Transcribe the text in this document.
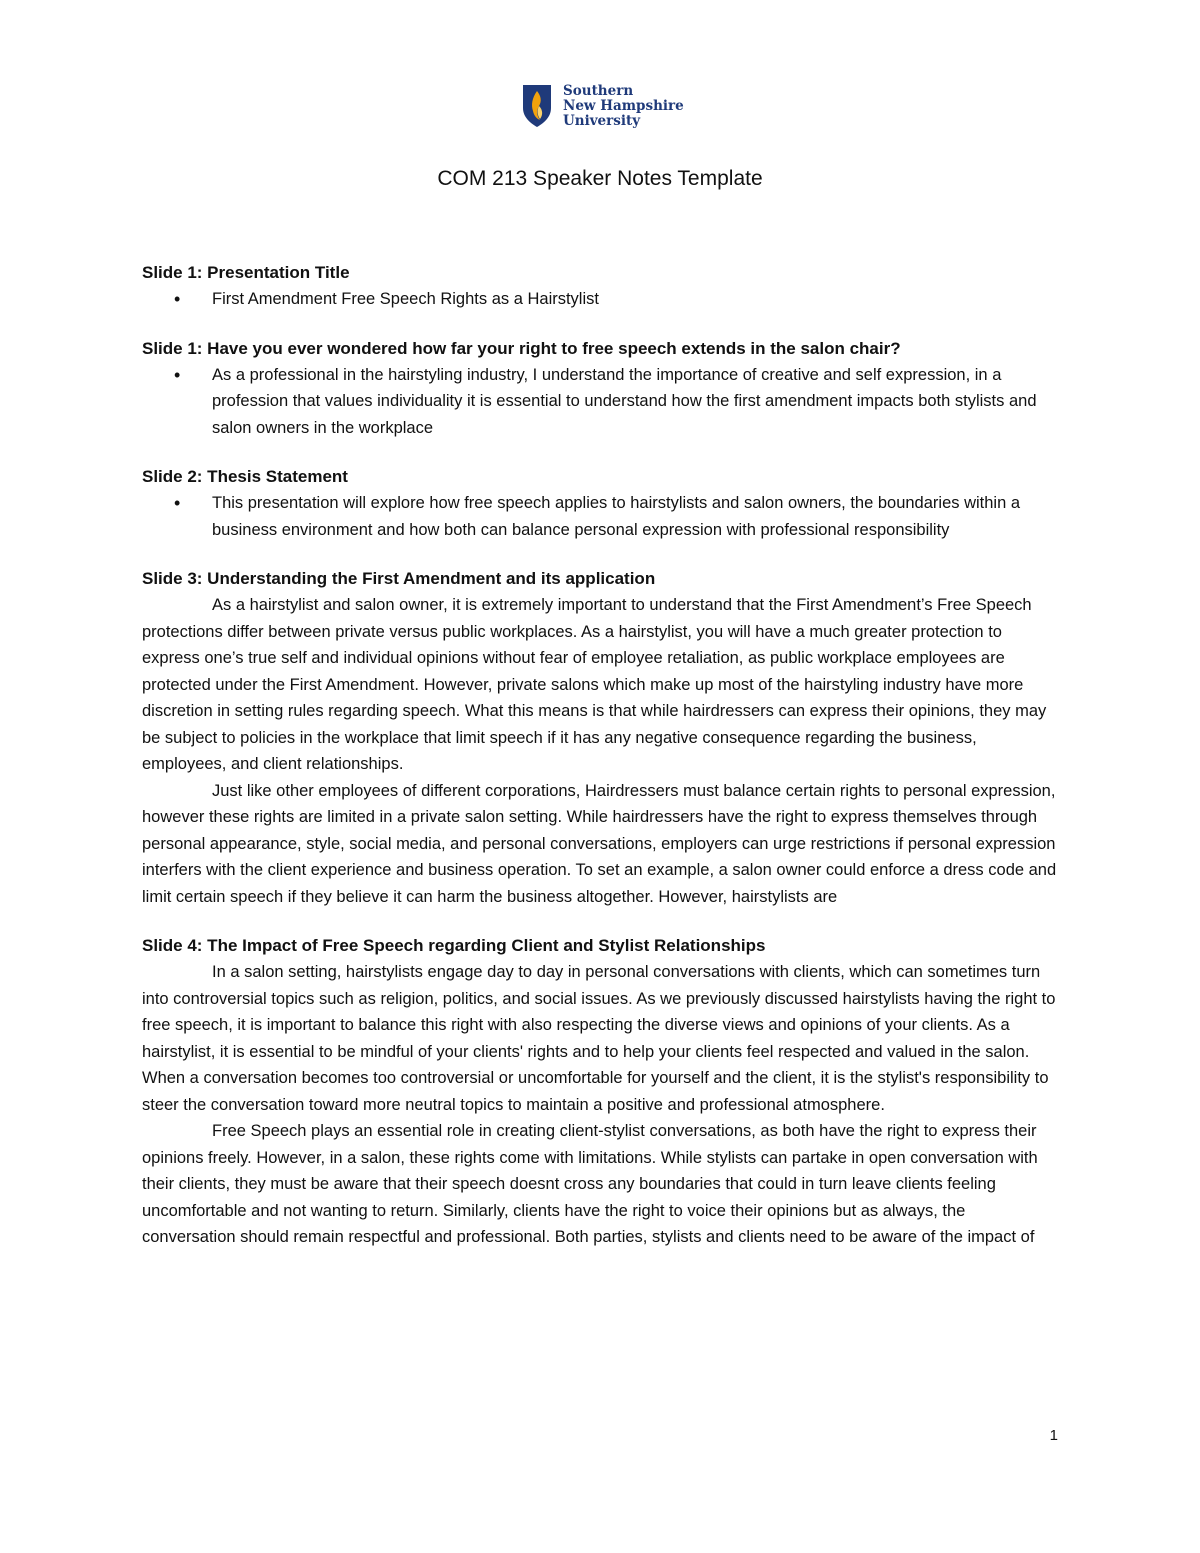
Southern
New Hampshire
University
COM 213 Speaker Notes Template
Slide 1: Presentation Title
• First Amendment Free Speech Rights as a Hairstylist
Slide 1: Have you ever wondered how far your right to free speech extends in the salon chair?
• As a professional in the hairstyling industry, I understand the importance of creative and self expression, in a profession that values individuality it is essential to understand how the first amendment impacts both stylists and salon owners in the workplace
Slide 2: Thesis Statement
• This presentation will explore how free speech applies to hairstylists and salon owners, the boundaries within a business environment and how both can balance personal expression with professional responsibility
Slide 3: Understanding the First Amendment and its application

As a hairstylist and salon owner, it is extremely important to understand that the First Amendment’s Free Speech protections differ between private versus public workplaces. As a hairstylist, you will have a much greater protection to express one’s true self and individual opinions without fear of employee retaliation, as public workplace employees are protected under the First Amendment. However, private salons which make up most of the hairstyling industry have more discretion in setting rules regarding speech. What this means is that while hairdressers can express their opinions, they may be subject to policies in the workplace that limit speech if it has any negative consequence regarding the business, employees, and client relationships.

Just like other employees of different corporations, Hairdressers must balance certain rights to personal expression, however these rights are limited in a private salon setting. While hairdressers have the right to express themselves through personal appearance, style, social media, and personal conversations, employers can urge restrictions if personal expression interfers with the client experience and business operation. To set an example, a salon owner could enforce a dress code and limit certain speech if they believe it can harm the business altogether. However, hairstylists are

Slide 4: The Impact of Free Speech regarding Client and Stylist Relationships

In a salon setting, hairstylists engage day to day in personal conversations with clients, which can sometimes turn into controversial topics such as religion, politics, and social issues. As we previously discussed hairstylists having the right to free speech, it is important to balance this right with also respecting the diverse views and opinions of your clients. As a hairstylist, it is essential to be mindful of your clients' rights and to help your clients feel respected and valued in the salon. When a conversation becomes too controversial or uncomfortable for yourself and the client, it is the stylist's responsibility to steer the conversation toward more neutral topics to maintain a positive and professional atmosphere.

Free Speech plays an essential role in creating client-stylist conversations, as both have the right to express their opinions freely. However, in a salon, these rights come with limitations. While stylists can partake in open conversation with their clients, they must be aware that their speech doesnt cross any boundaries that could in turn leave clients feeling uncomfortable and not wanting to return. Similarly, clients have the right to voice their opinions but as always, the conversation should remain respectful and professional. Both parties, stylists and clients need to be aware of the impact of

1
